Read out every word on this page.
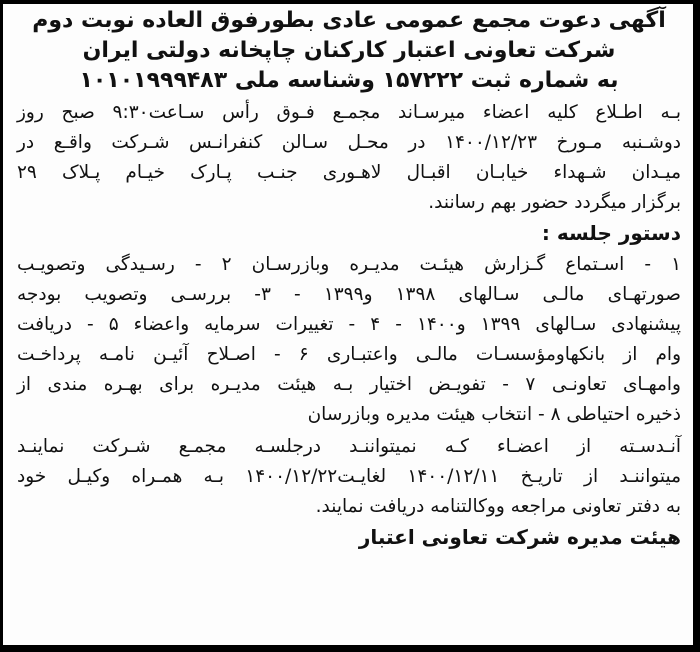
آگهی دعوت مجمع عمومی عادی بطورفوق العاده نوبت دوم
شرکت تعاونی اعتبار کارکنان چاپخانه دولتی ایران
به شماره ثبت ۱۵۷۲۲۲ وشناسه ملی ۱۰۱۰۱۹۹۹۴۸۳
بـه اطـلاع کلیه اعضاء میرسـاند مجمـع فـوق رأس سـاعت۹:۳۰ صبح روز
دوشـنبه مـورخ ۱۴۰۰/۱۲/۲۳ در محـل سـالن کنفرانـس شـرکت واقـع در
میـدان شـهداء خیابـان اقبـال لاهـوری جنـب پـارک خیـام پـلاک ۲۹
برگزار میگردد حضور بهم رسانند.
دستور جلسه :
۱ - اسـتماع گـزارش هیئـت مدیـره وبازرسـان ۲ - رسـیدگی وتصویـب
صورتهـای مالـی سـالهای ۱۳۹۸ و۱۳۹۹ - ۳- بررسـی وتصویب بودجه
پیشنهادی سـالهای ۱۳۹۹ و۱۴۰۰ - ۴ - تغییرات سرمایه واعضاء ۵ - دریافت
وام از بانکهاومؤسسـات مالـی واعتبـاری ۶ - اصـلاح آئیـن نامـه پرداخـت
وامهـای تعاونـی ۷ - تفویـض اختیار بـه هیئت مدیـره برای بهـره مندی از
ذخیره احتیاطی ۸ - انتخاب هیئت مدیره وبازرسان
آنـدسـته از اعضـاء کـه نمیتواننـد درجلسـه مجمـع شـرکت نماینـد
میتواننـد از تاریـخ ۱۴۰۰/۱۲/۱۱ لغایـت۱۴۰۰/۱۲/۲۲ بـه همـراه وکیـل خود
به دفتر تعاونی مراجعه ووکالتنامه دریافت نمایند.
هیئت مدیره شرکت تعاونی اعتبار
